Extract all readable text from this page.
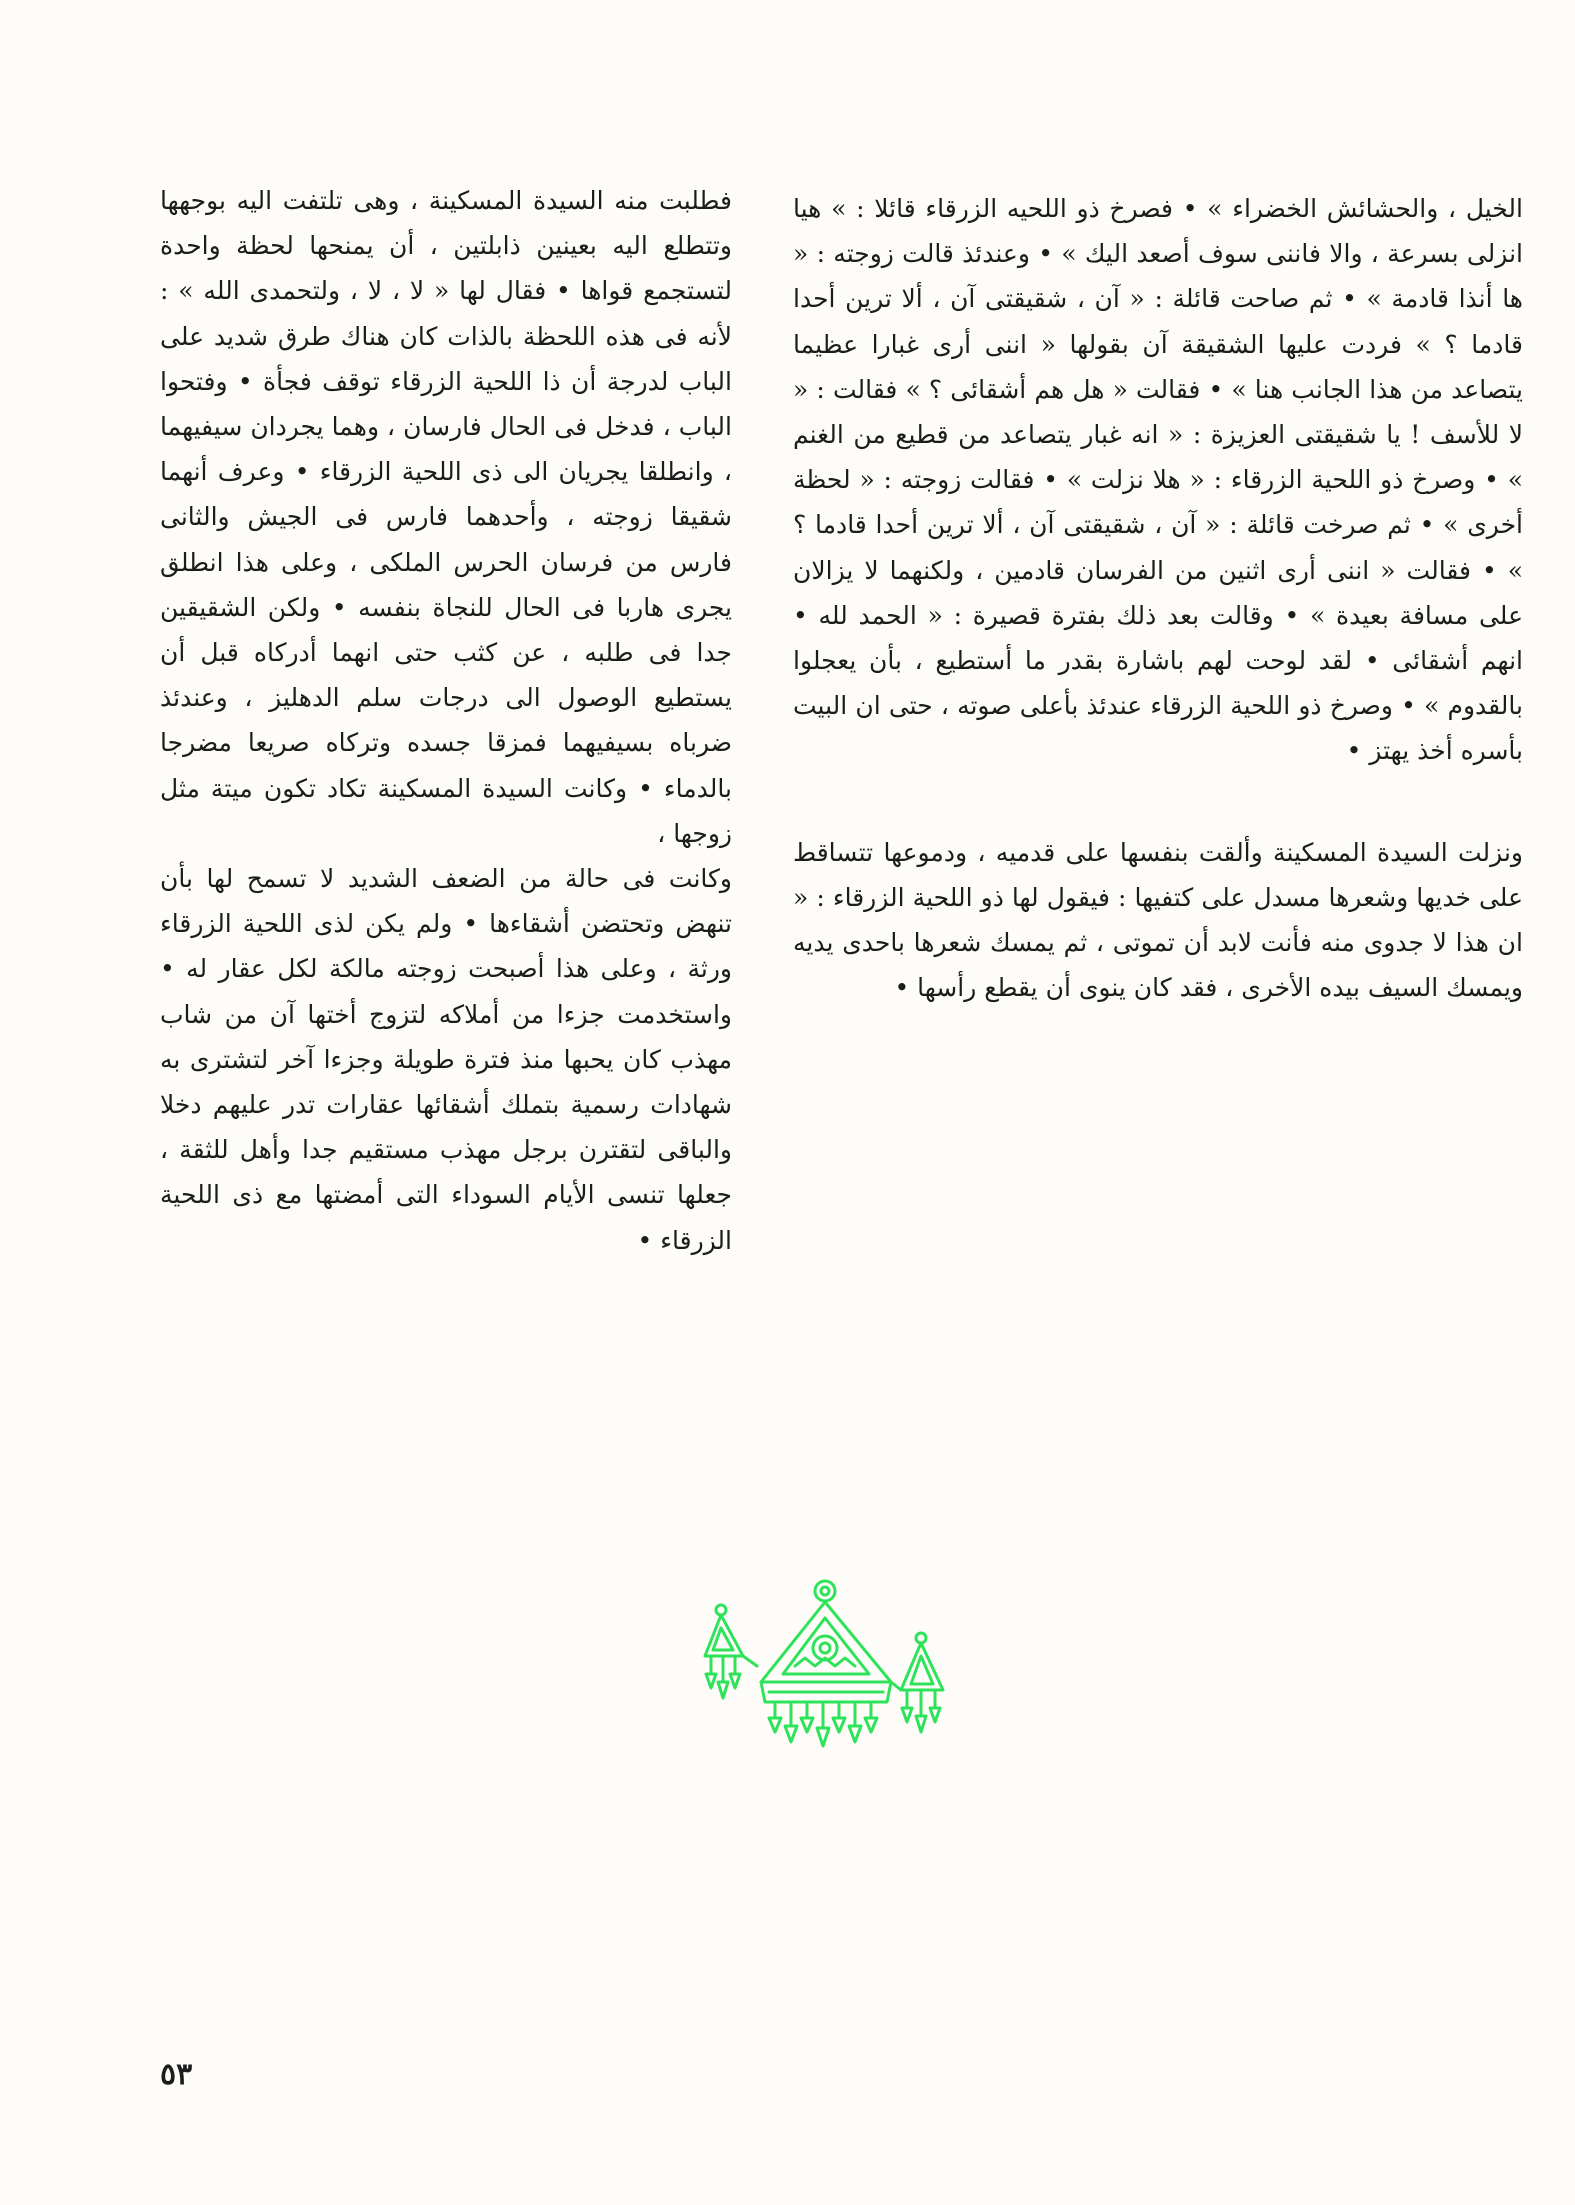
الخيل ، والحشائش الخضراء » • فصرخ ذو اللحيه الزرقاء قائلا : » هيا انزلى بسرعة ، والا فاننى سوف أصعد اليك » • وعندئذ قالت زوجته : « ها أنذا قادمة » • ثم صاحت قائلة : « آن ، شقيقتى آن ، ألا ترين أحدا قادما ؟ » فردت عليها الشقيقة آن بقولها « اننى أرى غبارا عظيما يتصاعد من هذا الجانب هنا » • فقالت « هل هم أشقائى ؟ » فقالت : « لا للأسف ! يا شقيقتى العزيزة : « انه غبار يتصاعد من قطيع من الغنم » • وصرخ ذو اللحية الزرقاء : « هلا نزلت » • فقالت زوجته : « لحظة أخرى » • ثم صرخت قائلة : « آن ، شقيقتى آن ، ألا ترين أحدا قادما ؟ » • فقالت « اننى أرى اثنين من الفرسان قادمين ، ولكنهما لا يزالان على مسافة بعيدة » • وقالت بعد ذلك بفترة قصيرة : « الحمد لله • انهم أشقائى • لقد لوحت لهم باشارة بقدر ما أستطيع ، بأن يعجلوا بالقدوم » • وصرخ ذو اللحية الزرقاء عندئذ بأعلى صوته ، حتى ان البيت بأسره أخذ يهتز •

ونزلت السيدة المسكينة وألقت بنفسها على قدميه ، ودموعها تتساقط على خديها وشعرها مسدل على كتفيها : فيقول لها ذو اللحية الزرقاء : « ان هذا لا جدوى منه فأنت لابد أن تموتى ، ثم يمسك شعرها باحدى يديه ويمسك السيف بيده الأخرى ، فقد كان ينوى أن يقطع رأسها •

فطلبت منه السيدة المسكينة ، وهى تلتفت اليه بوجهها وتتطلع اليه بعينين ذابلتين ، أن يمنحها لحظة واحدة لتستجمع قواها • فقال لها « لا ، لا ، ولتحمدى الله » : لأنه فى هذه اللحظة بالذات كان هناك طرق شديد على الباب لدرجة أن ذا اللحية الزرقاء توقف فجأة • وفتحوا الباب ، فدخل فى الحال فارسان ، وهما يجردان سيفيهما ، وانطلقا يجريان الى ذى اللحية الزرقاء • وعرف أنهما شقيقا زوجته ، وأحدهما فارس فى الجيش والثانى فارس من فرسان الحرس الملكى ، وعلى هذا انطلق يجرى هاربا فى الحال للنجاة بنفسه • ولكن الشقيقين جدا فى طلبه ، عن كثب حتى انهما أدركاه قبل أن يستطيع الوصول الى درجات سلم الدهليز ، وعندئذ ضرباه بسيفيهما فمزقا جسده وتركاه صريعا مضرجا بالدماء • وكانت السيدة المسكينة تكاد تكون ميتة مثل زوجها ،

وكانت فى حالة من الضعف الشديد لا تسمح لها بأن تنهض وتحتضن أشقاءها • ولم يكن لذى اللحية الزرقاء ورثة ، وعلى هذا أصبحت زوجته مالكة لكل عقار له • واستخدمت جزءا من أملاكه لتزوج أختها آن من شاب مهذب كان يحبها منذ فترة طويلة وجزءا آخر لتشترى به شهادات رسمية بتملك أشقائها عقارات تدر عليهم دخلا والباقى لتقترن برجل مهذب مستقيم جدا وأهل للثقة ، جعلها تنسى الأيام السوداء التى أمضتها مع ذى اللحية الزرقاء •

٥٣
